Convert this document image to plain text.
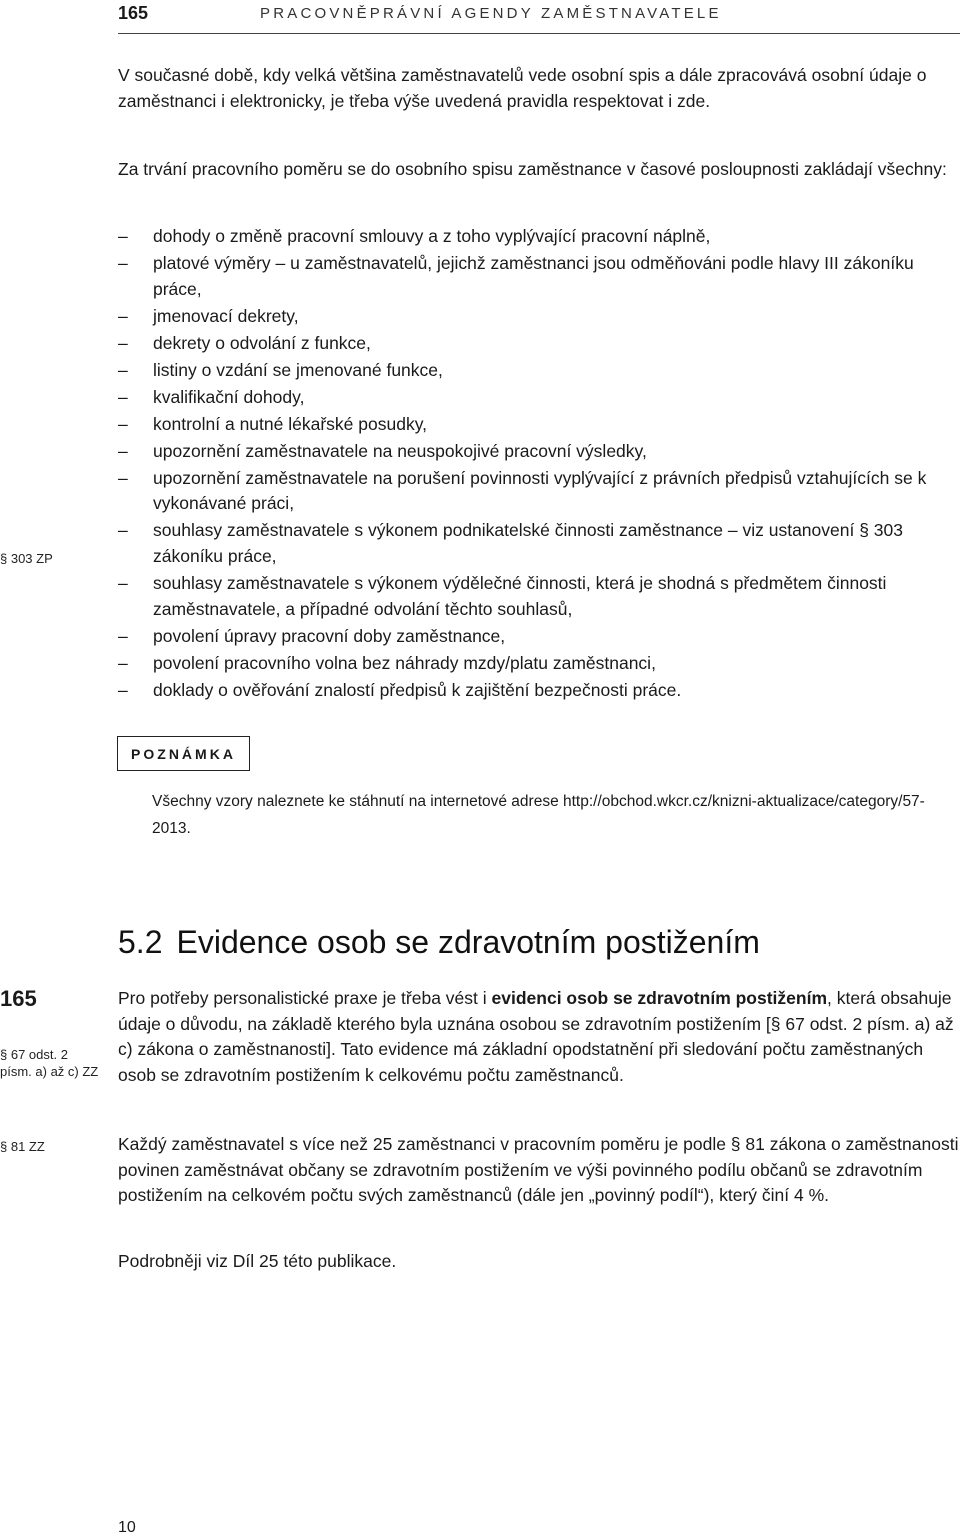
165	PRACOVNĚPRÁVNÍ AGENDY ZAMĚSTNAVATELE
V současné době, kdy velká většina zaměstnavatelů vede osobní spis a dále zpracovává osobní údaje o zaměstnanci i elektronicky, je třeba výše uvedená pravidla respektovat i zde.
Za trvání pracovního poměru se do osobního spisu zaměstnance v časové posloupnosti zakládají všechny:
– dohody o změně pracovní smlouvy a z toho vyplývající pracovní náplně,
– platové výměry – u zaměstnavatelů, jejichž zaměstnanci jsou odměňováni podle hlavy III zákoníku práce,
– jmenovací dekrety,
– dekrety o odvolání z funkce,
– listiny o vzdání se jmenované funkce,
– kvalifikační dohody,
– kontrolní a nutné lékařské posudky,
– upozornění zaměstnavatele na neuspokojivé pracovní výsledky,
– upozornění zaměstnavatele na porušení povinnosti vyplývající z právních předpisů vztahujících se k vykonávané práci,
– souhlasy zaměstnavatele s výkonem podnikatelské činnosti zaměstnance – viz ustanovení § 303 zákoníku práce,
– souhlasy zaměstnavatele s výkonem výdělečné činnosti, která je shodná s předmětem činnosti zaměstnavatele, a případné odvolání těchto souhlasů,
– povolení úpravy pracovní doby zaměstnance,
– povolení pracovního volna bez náhrady mzdy/platu zaměstnanci,
– doklady o ověřování znalostí předpisů k zajištění bezpečnosti práce.
§ 303 ZP
POZNÁMKA
Všechny vzory naleznete ke stáhnutí na internetové adrese http://obchod.wkcr.cz/knizni-aktualizace/category/57-2013.
5.2 Evidence osob se zdravotním postižením
165
§ 67 odst. 2
písm. a) až c) ZZ
§ 81 ZZ
Pro potřeby personalistické praxe je třeba vést i evidenci osob se zdravotním postižením, která obsahuje údaje o důvodu, na základě kterého byla uznána osobou se zdravotním postižením [§ 67 odst. 2 písm. a) až c) zákona o zaměstnanosti]. Tato evidence má základní opodstatnění při sledování počtu zaměstnaných osob se zdravotním postižením k celkovému počtu zaměstnanců.
Každý zaměstnavatel s více než 25 zaměstnanci v pracovním poměru je podle § 81 zákona o zaměstnanosti povinen zaměstnávat občany se zdravotním postižením ve výši povinného podílu občanů se zdravotním postižením na celkovém počtu svých zaměstnanců (dále jen „povinný podíl“), který činí 4 %.
Podrobněji viz Díl 25 této publikace.
10
